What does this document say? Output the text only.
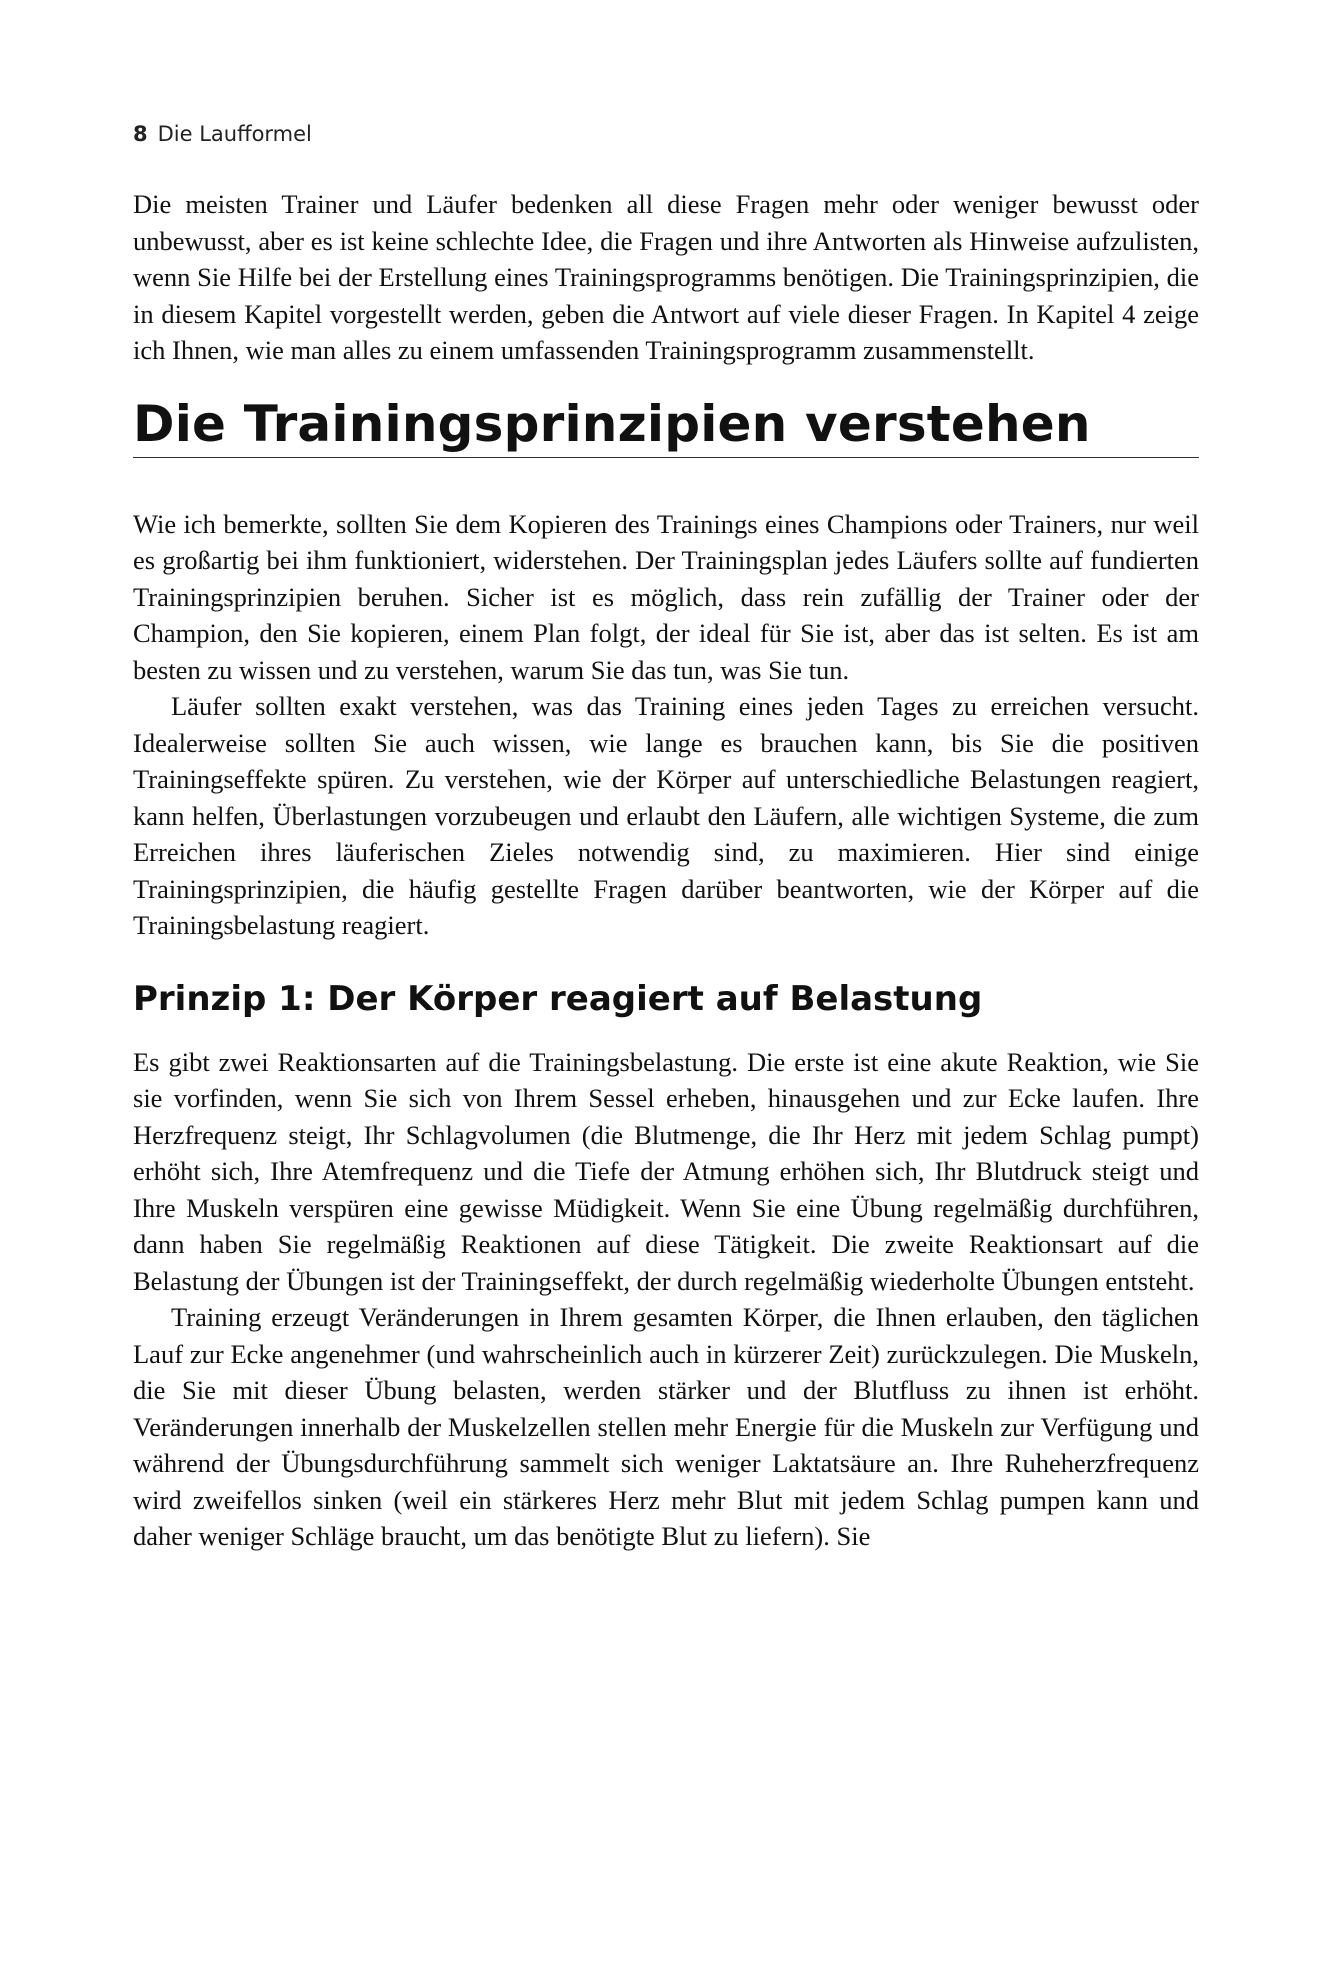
8 Die Laufformel

Die meisten Trainer und Läufer bedenken all diese Fragen mehr oder weniger bewusst oder unbewusst, aber es ist keine schlechte Idee, die Fragen und ihre Antworten als Hinweise aufzulisten, wenn Sie Hilfe bei der Erstellung eines Trainingsprogramms benötigen. Die Trainingsprinzipien, die in diesem Kapitel vorgestellt werden, geben die Antwort auf viele dieser Fragen. In Kapitel 4 zeige ich Ihnen, wie man alles zu einem umfassenden Trainingsprogramm zusammenstellt.

Die Trainingsprinzipien verstehen

Wie ich bemerkte, sollten Sie dem Kopieren des Trainings eines Champions oder Trainers, nur weil es großartig bei ihm funktioniert, widerstehen. Der Trainingsplan jedes Läufers sollte auf fundierten Trainingsprinzipien beruhen. Sicher ist es möglich, dass rein zufällig der Trainer oder der Champion, den Sie kopieren, einem Plan folgt, der ideal für Sie ist, aber das ist selten. Es ist am besten zu wissen und zu verstehen, warum Sie das tun, was Sie tun.

Läufer sollten exakt verstehen, was das Training eines jeden Tages zu erreichen versucht. Idealerweise sollten Sie auch wissen, wie lange es brauchen kann, bis Sie die positiven Trainingseffekte spüren. Zu verstehen, wie der Körper auf unterschiedliche Belastungen reagiert, kann helfen, Überlastungen vorzubeugen und erlaubt den Läufern, alle wichtigen Systeme, die zum Erreichen ihres läuferischen Zieles notwendig sind, zu maximieren. Hier sind einige Trainingsprinzipien, die häufig gestellte Fragen darüber beantworten, wie der Körper auf die Trainingsbelastung reagiert.

Prinzip 1: Der Körper reagiert auf Belastung

Es gibt zwei Reaktionsarten auf die Trainingsbelastung. Die erste ist eine akute Reaktion, wie Sie sie vorfinden, wenn Sie sich von Ihrem Sessel erheben, hinausgehen und zur Ecke laufen. Ihre Herzfrequenz steigt, Ihr Schlagvolumen (die Blutmenge, die Ihr Herz mit jedem Schlag pumpt) erhöht sich, Ihre Atemfrequenz und die Tiefe der Atmung erhöhen sich, Ihr Blutdruck steigt und Ihre Muskeln verspüren eine gewisse Müdigkeit. Wenn Sie eine Übung regelmäßig durchführen, dann haben Sie regelmäßig Reaktionen auf diese Tätigkeit. Die zweite Reaktionsart auf die Belastung der Übungen ist der Trainingseffekt, der durch regelmäßig wiederholte Übungen entsteht.

Training erzeugt Veränderungen in Ihrem gesamten Körper, die Ihnen erlauben, den täglichen Lauf zur Ecke angenehmer (und wahrscheinlich auch in kürzerer Zeit) zurückzulegen. Die Muskeln, die Sie mit dieser Übung belasten, werden stärker und der Blutfluss zu ihnen ist erhöht. Veränderungen innerhalb der Muskelzellen stellen mehr Energie für die Muskeln zur Verfügung und während der Übungsdurchführung sammelt sich weniger Laktatsäure an. Ihre Ruheherzfrequenz wird zweifellos sinken (weil ein stärkeres Herz mehr Blut mit jedem Schlag pumpen kann und daher weniger Schläge braucht, um das benötigte Blut zu liefern). Sie
